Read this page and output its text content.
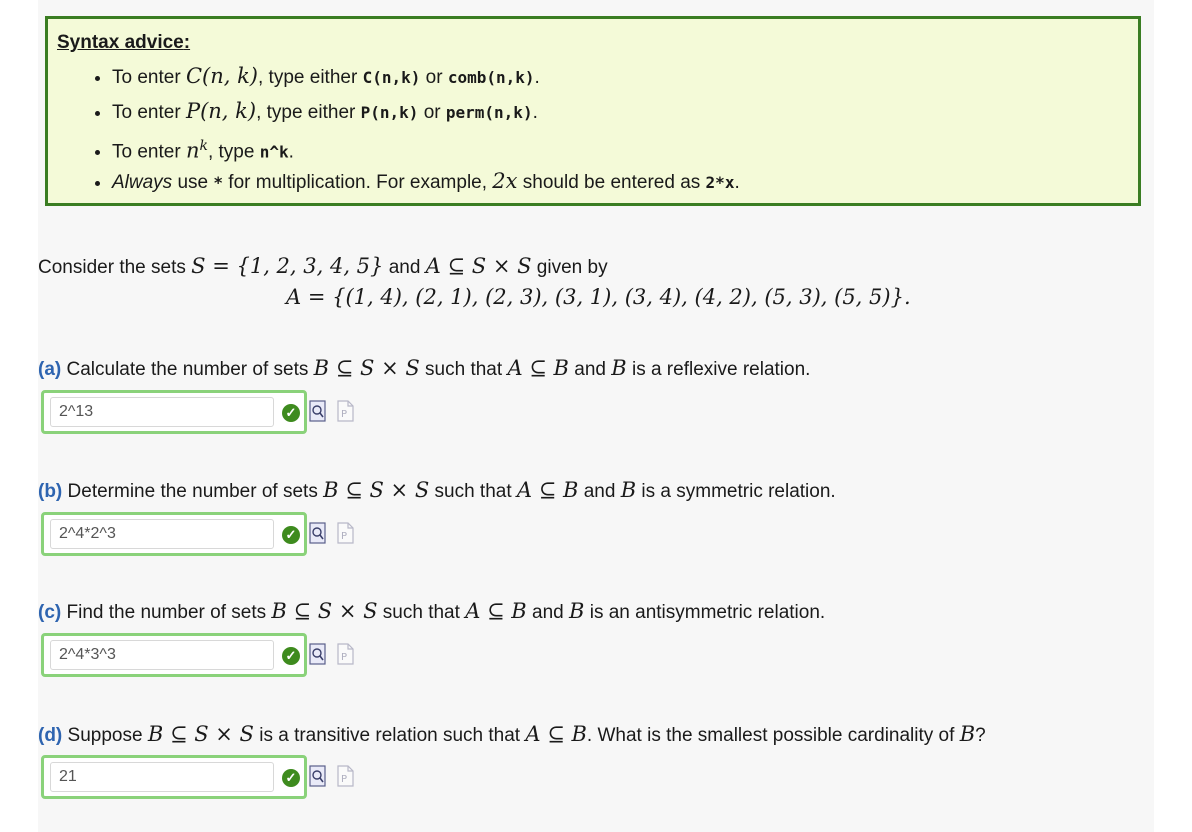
Syntax advice:
• To enter C(n, k), type either C(n,k) or comb(n,k).
• To enter P(n, k), type either P(n,k) or perm(n,k).
• To enter $n^k$, type n^k.
• Always use * for multiplication. For example, 2x should be entered as 2*x.
Consider the sets S = {1, 2, 3, 4, 5} and A ⊆ S × S given by
A = {(1, 4), (2, 1), (2, 3), (3, 1), (3, 4), (4, 2), (5, 3), (5, 5)}.
(a) Calculate the number of sets B ⊆ S × S such that A ⊆ B and B is a reflexive relation.
2^13
✓	P
(b) Determine the number of sets B ⊆ S × S such that A ⊆ B and B is a symmetric relation.
2^4*2^3
✓	P
(c) Find the number of sets B ⊆ S × S such that A ⊆ B and B is an antisymmetric relation.
2^4*3^3
✓	P
(d) Suppose B ⊆ S × S is a transitive relation such that A ⊆ B. What is the smallest possible cardinality of B?
21
✓	P
